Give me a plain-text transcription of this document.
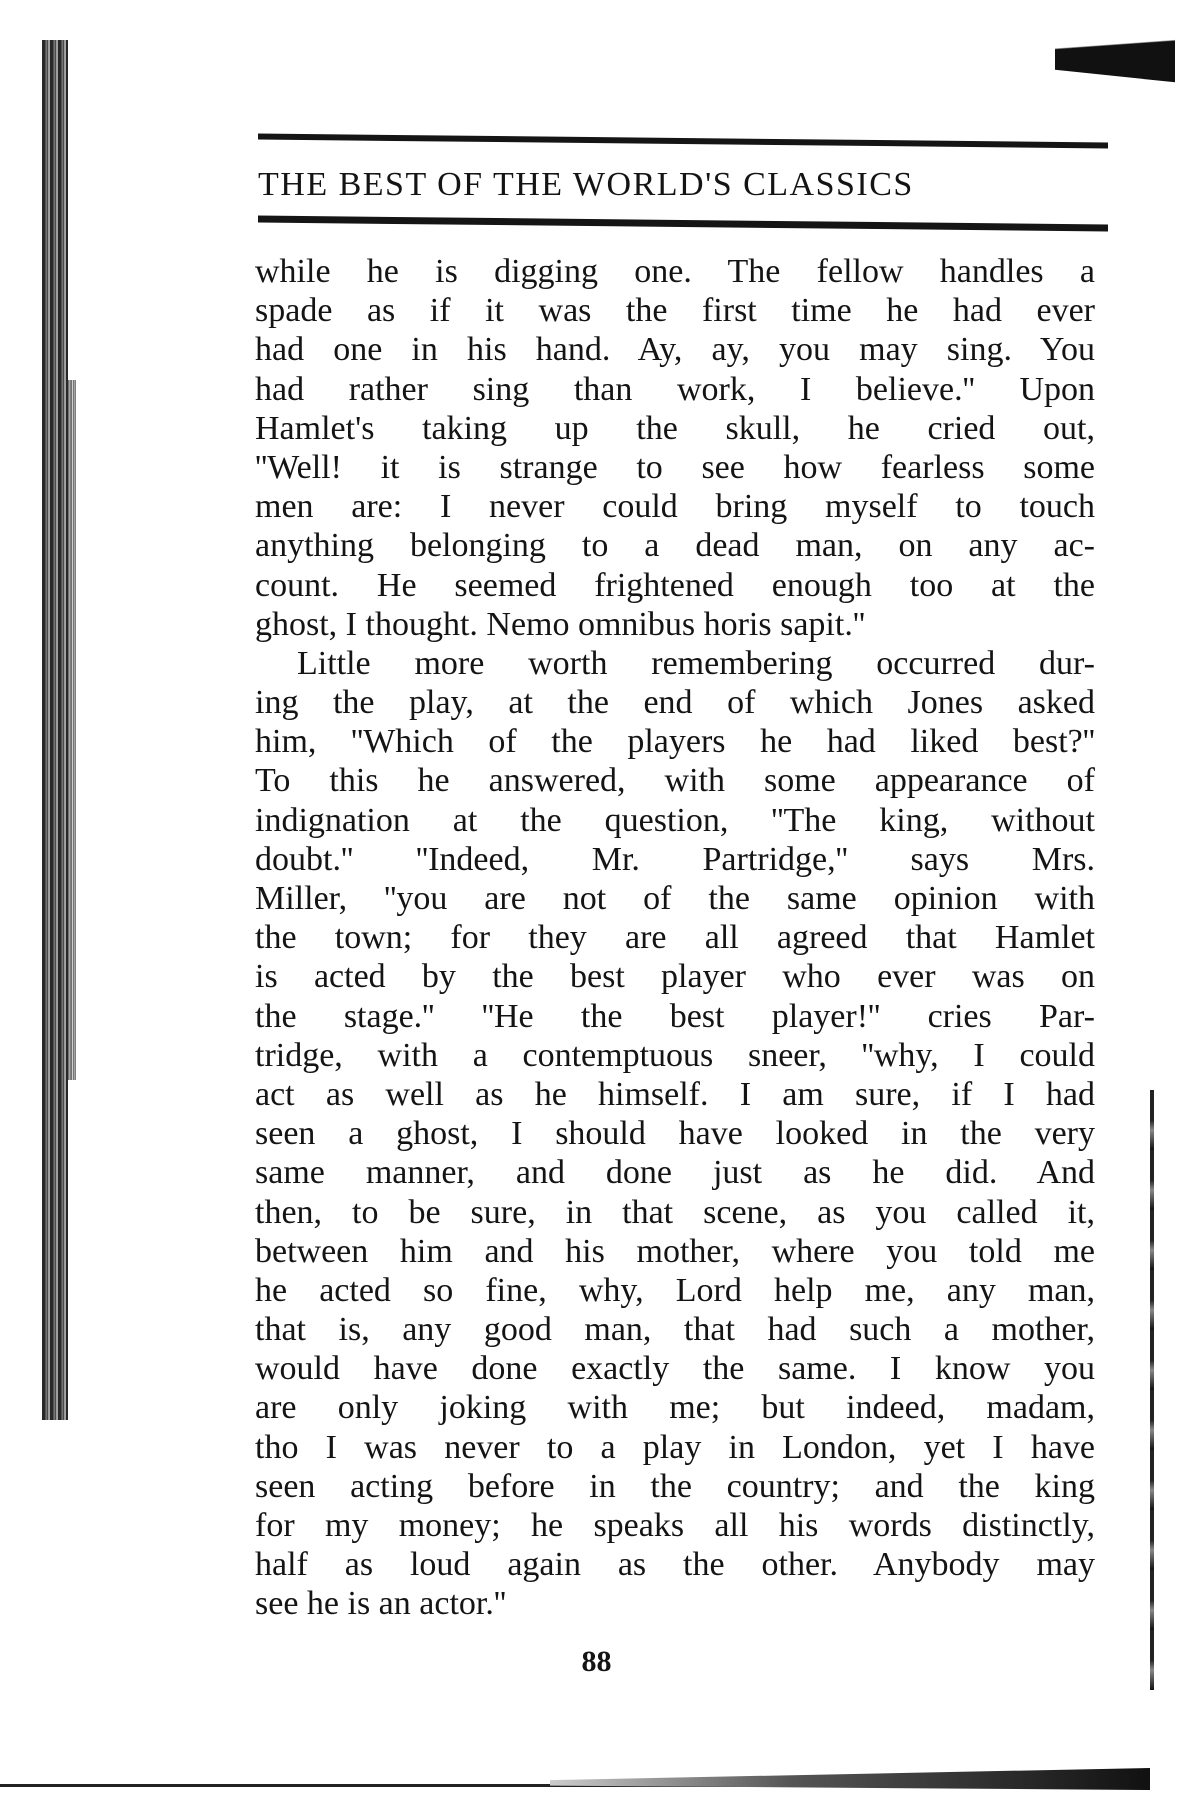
THE BEST OF THE WORLD'S CLASSICS
while he is digging one. The fellow handles a
spade as if it was the first time he had ever
had one in his hand. Ay, ay, you may sing. You
had rather sing than work, I believe.'' Upon
Hamlet's taking up the skull, he cried out,
''Well! it is strange to see how fearless some
men are: I never could bring myself to touch
anything belonging to a dead man, on any ac-
count. He seemed frightened enough too at the
ghost, I thought. Nemo omnibus horis sapit.''
Little more worth remembering occurred dur-
ing the play, at the end of which Jones asked
him, ''Which of the players he had liked best?''
To this he answered, with some appearance of
indignation at the question, ''The king, without
doubt.'' ''Indeed, Mr. Partridge,'' says Mrs.
Miller, ''you are not of the same opinion with
the town; for they are all agreed that Hamlet
is acted by the best player who ever was on
the stage.'' ''He the best player!'' cries Par-
tridge, with a contemptuous sneer, ''why, I could
act as well as he himself. I am sure, if I had
seen a ghost, I should have looked in the very
same manner, and done just as he did. And
then, to be sure, in that scene, as you called it,
between him and his mother, where you told me
he acted so fine, why, Lord help me, any man,
that is, any good man, that had such a mother,
would have done exactly the same. I know you
are only joking with me; but indeed, madam,
tho I was never to a play in London, yet I have
seen acting before in the country; and the king
for my money; he speaks all his words distinctly,
half as loud again as the other. Anybody may
see he is an actor.''
88
